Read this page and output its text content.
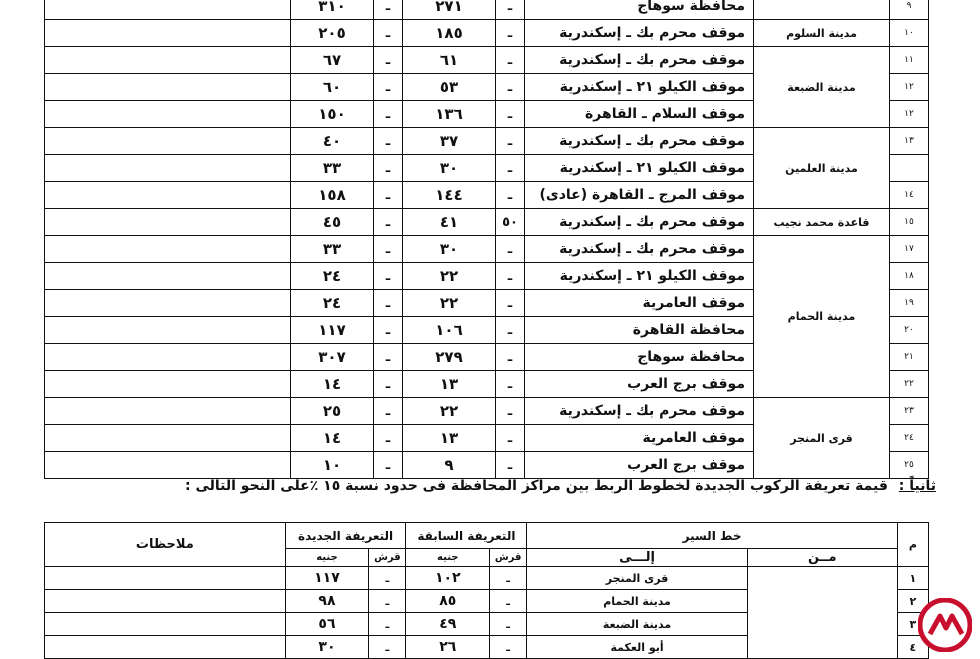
٩		محافظة سوهاج	ـ	٢٧١	ـ	٣١٠	
١٠	مدينة السلوم	موقف محرم بك ـ إسكندرية	ـ	١٨٥	ـ	٢٠٥	
١١	مدينة الضبعة	موقف محرم بك ـ إسكندرية	ـ	٦١	ـ	٦٧	
١٢		موقف الكيلو ٢١ ـ إسكندرية	ـ	٥٣	ـ	٦٠	
١٢		موقف السلام ـ القاهرة	ـ	١٣٦	ـ	١٥٠	
١٣	مدينة العلمين	موقف محرم بك ـ إسكندرية	ـ	٣٧	ـ	٤٠	
		موقف الكيلو ٢١ ـ إسكندرية	ـ	٣٠	ـ	٣٣	
١٤		موقف المرج ـ القاهرة (عادى)	ـ	١٤٤	ـ	١٥٨	
١٥	قاعدة محمد نجيب	موقف محرم بك ـ إسكندرية	٥٠	٤١	ـ	٤٥	
١٧	مدينة الحمام	موقف محرم بك ـ إسكندرية	ـ	٣٠	ـ	٣٣	
١٨		موقف الكيلو ٢١ ـ إسكندرية	ـ	٢٢	ـ	٢٤	
١٩		موقف العامرية	ـ	٢٢	ـ	٢٤	
٢٠		محافظة القاهرة	ـ	١٠٦	ـ	١١٧	
٢١		محافظة سوهاج	ـ	٢٧٩	ـ	٣٠٧	
٢٢		موقف برج العرب	ـ	١٣	ـ	١٤	
٢٣	قرى المنجر	موقف محرم بك ـ إسكندرية	ـ	٢٢	ـ	٢٥	
٢٤		موقف العامرية	ـ	١٣	ـ	١٤	
٢٥		موقف برج العرب	ـ	٩	ـ	١٠	
ثانياً : قيمة تعريفة الركوب الجديدة لخطوط الربط بين مراكز المحافظة فى حدود نسبة ١٥ ٪على النحو التالى :
م	خط السير		التعريفة السابقة		التعريفة الجديدة		ملاحظات
	مــن	إلـــى	قرش	جنيه	قرش	جنيه	

١		قرى المنجر	ـ	١٠٢	ـ	١١٧	
٢		مدينة الحمام	ـ	٨٥	ـ	٩٨	
٣		مدينة الضبعة	ـ	٤٩	ـ	٥٦	
٤		أبو العكمة	ـ	٢٦	ـ	٣٠	
